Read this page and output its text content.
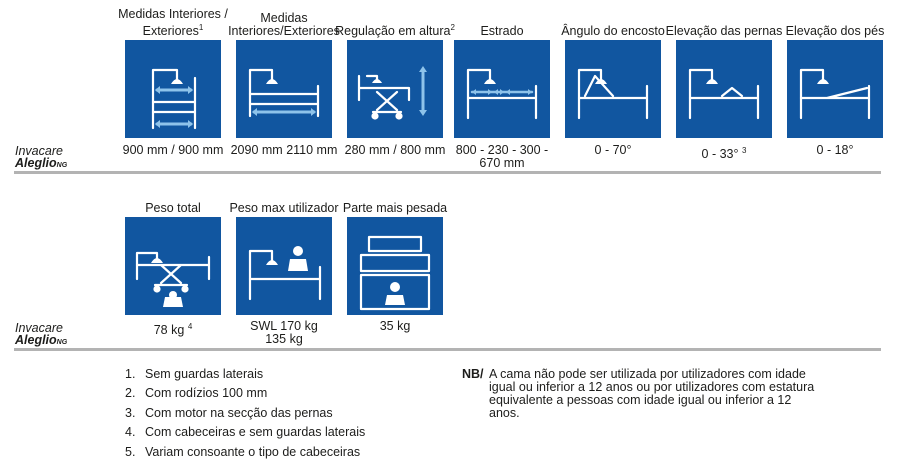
1. Sem guardas laterais
2. Com rodízios 100 mm
3. Com motor na secção das pernas
4. Com cabeceiras e sem guardas laterais
5. Variam consoante o tipo de cabeceiras
NB/ A cama não pode ser utilizada por utilizadores com idade igual ou inferior a 12 anos ou por utilizadores com estatura equivalente a pessoas com idade igual ou inferior a 12 anos.
Medidas Interiores / Exteriores$^1$
900 mm / 900 mm
Medidas Interiores/Exteriores
2090 mm 2110 mm
Regulação em altura$^2$
280 mm / 800 mm
Estrado
800 - 230 - 300 - 670 mm
Ângulo do encosto
0 - 70°
Elevação das pernas
0 - 33° $^3$
Elevação dos pés
0 - 18°
Peso total
78 kg $^4$
Peso max utilizador
SWL 170 kg
135 kg
Parte mais pesada
35 kg
Invacare
AleglioNG
Invacare
AleglioNG
